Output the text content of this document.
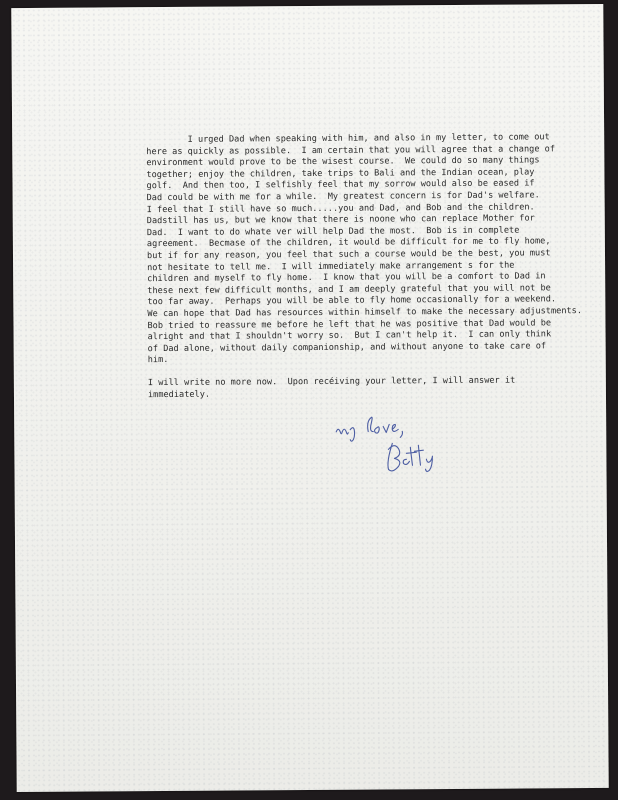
I urged Dad when speaking with him, and also in my letter, to come out

here as quickly as possible.  I am certain that you will agree that a change of

environment would prove to be the wisest course.  We could do so many things

together; enjoy the children, take trips to Bali and the Indian ocean, play

golf.  And then too, I selfishly feel that my sorrow would also be eased if

Dad could be with me for a while.  My greatest concern is for Dad's welfare.

I feel that I still have so much.....you and Dad, and Bob and the children.

Dadstill has us, but we know that there is noone who can replace Mother for

Dad.  I want to do whate ver will help Dad the most.  Bob is in complete

agreement.  Becmase of the children, it would be difficult for me to fly home,

but if for any reason, you feel that such a course would be the best, you must

not hesitate to tell me.  I will immediately make arrangement s for the

children and myself to fly home.  I know that you will be a comfort to Dad in

these next few difficult months, and I am deeply grateful that you will not be

too far away.  Perhaps you will be able to fly home occasionally for a weekend.

We can hope that Dad has resources within himself to make the necessary adjustments.

Bob tried to reassure me before he left that he was positive that Dad would be

alright and that I shouldn't worry so.  But I can't help it.  I can only think

of Dad alone, without daily companionship, and without anyone to take care of

him.

I will write no more now.  Upon recéiving your letter, I will answer it

immediately.
